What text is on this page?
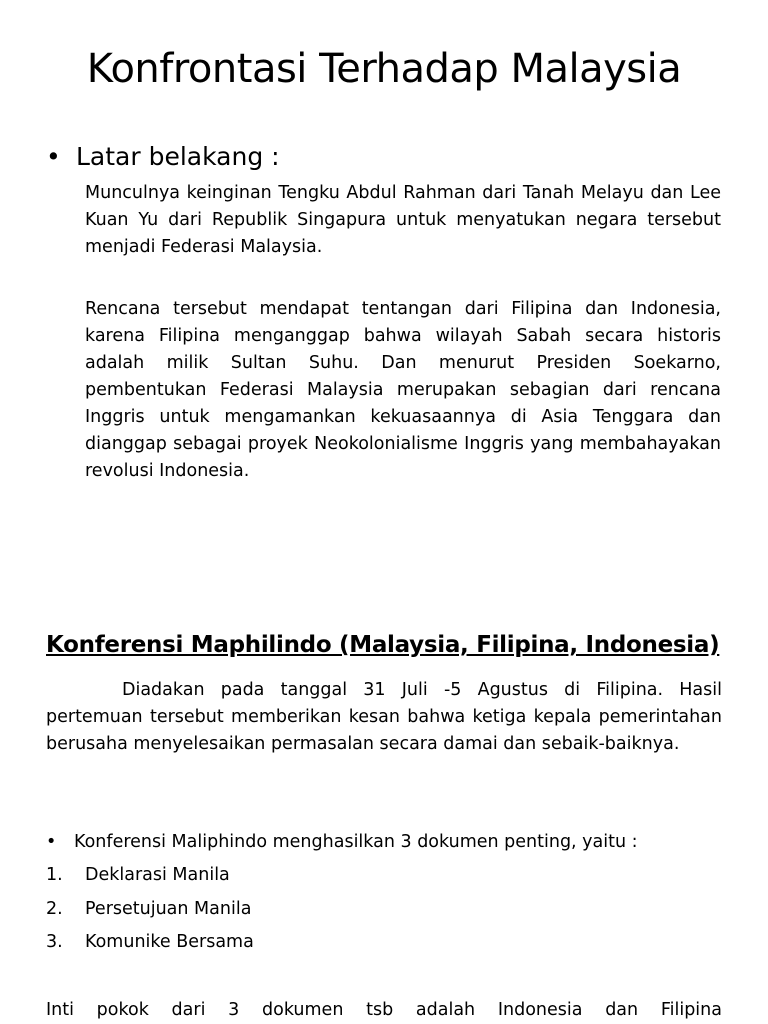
Konfrontasi Terhadap Malaysia

• Latar belakang :

Munculnya keinginan Tengku Abdul Rahman dari Tanah Melayu dan Lee Kuan Yu dari Republik Singapura untuk menyatukan negara tersebut menjadi Federasi Malaysia.

Rencana tersebut mendapat tentangan dari Filipina dan Indonesia, karena Filipina menganggap bahwa wilayah Sabah secara historis adalah milik Sultan Suhu. Dan menurut Presiden Soekarno, pembentukan Federasi Malaysia merupakan sebagian dari rencana Inggris untuk mengamankan kekuasaannya di Asia Tenggara dan dianggap sebagai proyek Neokolonialisme Inggris yang membahayakan revolusi Indonesia.

Konferensi Maphilindo (Malaysia, Filipina, Indonesia)

Diadakan pada tanggal 31 Juli -5 Agustus di Filipina. Hasil pertemuan tersebut memberikan kesan bahwa ketiga kepala pemerintahan berusaha menyelesaikan permasalan secara damai dan sebaik-baiknya.

• Konferensi Maliphindo menghasilkan 3 dokumen penting, yaitu :

1. Deklarasi Manila
2. Persetujuan Manila
3. Komunike Bersama

Inti pokok dari 3 dokumen tsb adalah Indonesia dan Filipina
